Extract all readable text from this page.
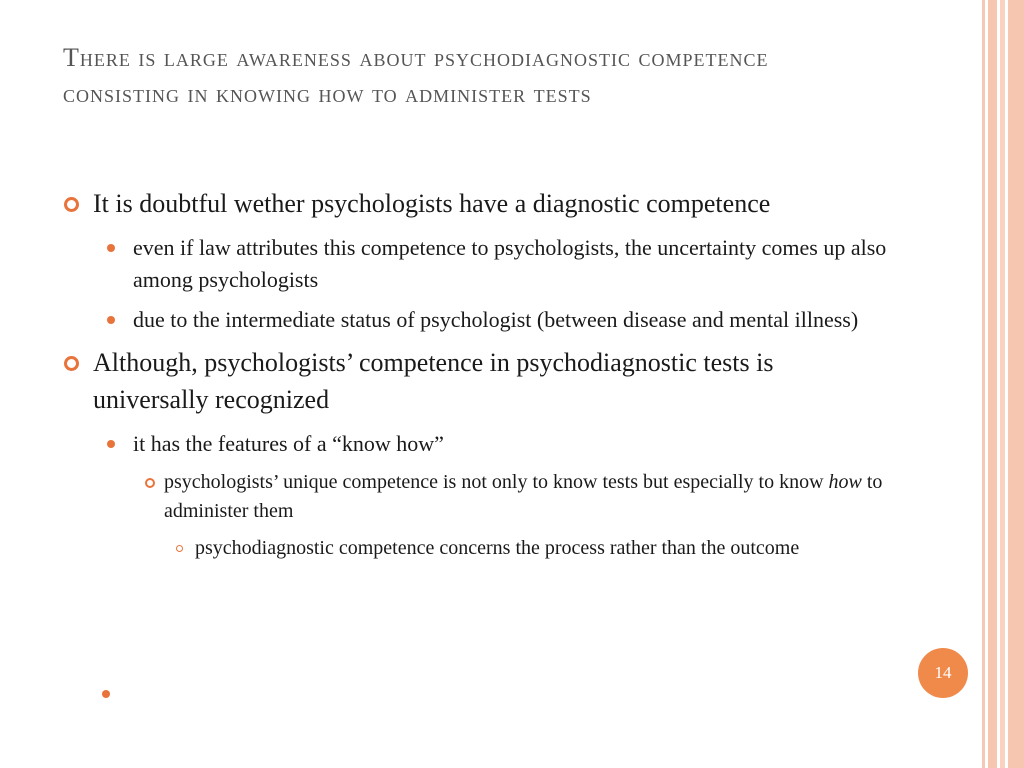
There is large awareness about psychodiagnostic competence consisting in knowing how to administer tests
It is doubtful wether psychologists have a diagnostic competence
even if law attributes this competence to psychologists, the uncertainty comes up also among psychologists
due to the intermediate status of psychologist (between disease and mental illness)
Although, psychologists’ competence in psychodiagnostic tests is universally recognized
it has the features of a “know how”
psychologists’ unique competence is not only to know tests but especially to know how to administer them
psychodiagnostic competence concerns the process rather than the outcome
14
